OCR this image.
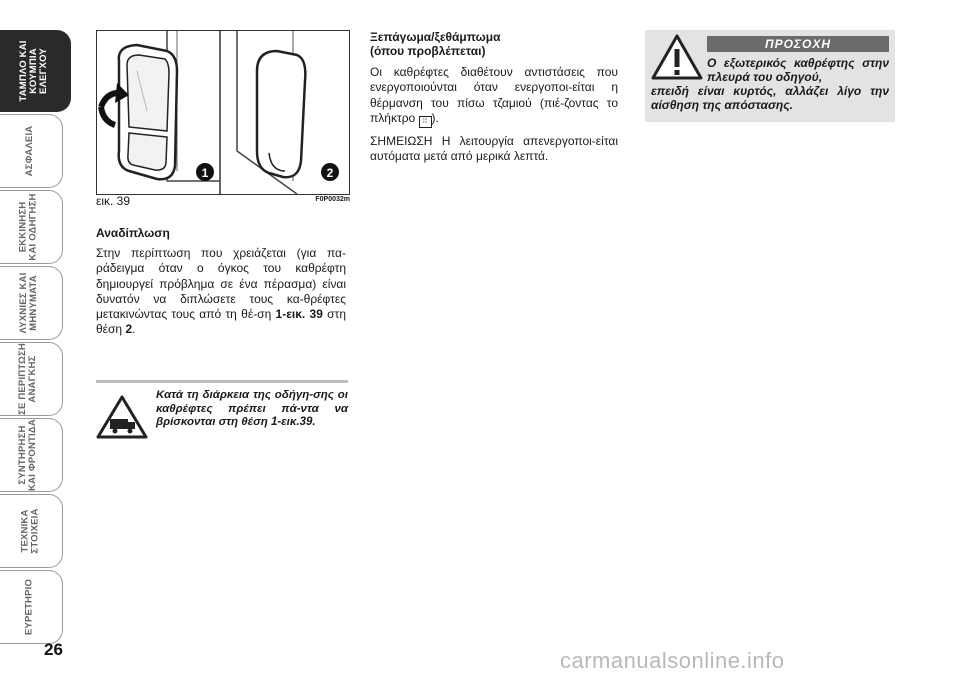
ΤΑΜΠΛΟ ΚΑΙ ΚΟΥΜΠΙΑ ΕΛΕΓΧΟΥ
ΑΣΦΑΛΕΙΑ
ΕΚΚΙΝΗΣΗ ΚΑΙ ΟΔΗΓΗΣΗ
ΛΥΧΝΙΕΣ ΚΑΙ ΜΗΝΥΜΑΤΑ
ΣΕ ΠΕΡΙΠΤΩΣΗ ΑΝΑΓΚΗΣ
ΣΥΝΤΗΡΗΣΗ ΚΑΙ ΦΡΟΝΤΙΔΑ
ΤΕΧΝΙΚΑ ΣΤΟΙΧΕΙΑ
ΕΥΡΕΤΗΡΙΟ
26
1	2
εικ. 39	F0P0032m

Αναδίπλωση

Στην περίπτωση που χρειάζεται (για πα-ράδειγμα όταν ο όγκος του καθρέφτη δημιουργεί πρόβλημα σε ένα πέρασμα) είναι δυνατόν να διπλώσετε τους κα-θρέφτες μετακινώντας τους από τη θέ-ση 1-εικ. 39 στη θέση 2.

Κατά τη διάρκεια της οδήγη-σης οι καθρέφτες πρέπει πά-ντα να βρίσκονται στη θέση 1-εικ.39.

Ξεπάγωμα/ξεθάμπωμα

(όπου προβλέπεται)

Οι καθρέφτες διαθέτουν αντιστάσεις που ενεργοποιούνται όταν ενεργοποι-είται η θέρμανση του πίσω τζαμιού (πιέ-ζοντας το πλήκτρο ⦙⦙⦙ ).

ΣΗΜΕΙΩΣΗ Η λειτουργία απενεργοποι-είται αυτόματα μετά από μερικά λεπτά.

ΠΡΟΣΟΧΗ
Ο εξωτερικός καθρέφτης στην πλευρά του οδηγού,
επειδή είναι κυρτός, αλλάζει λίγο την αίσθηση της απόστασης.
carmanualsonline.info
